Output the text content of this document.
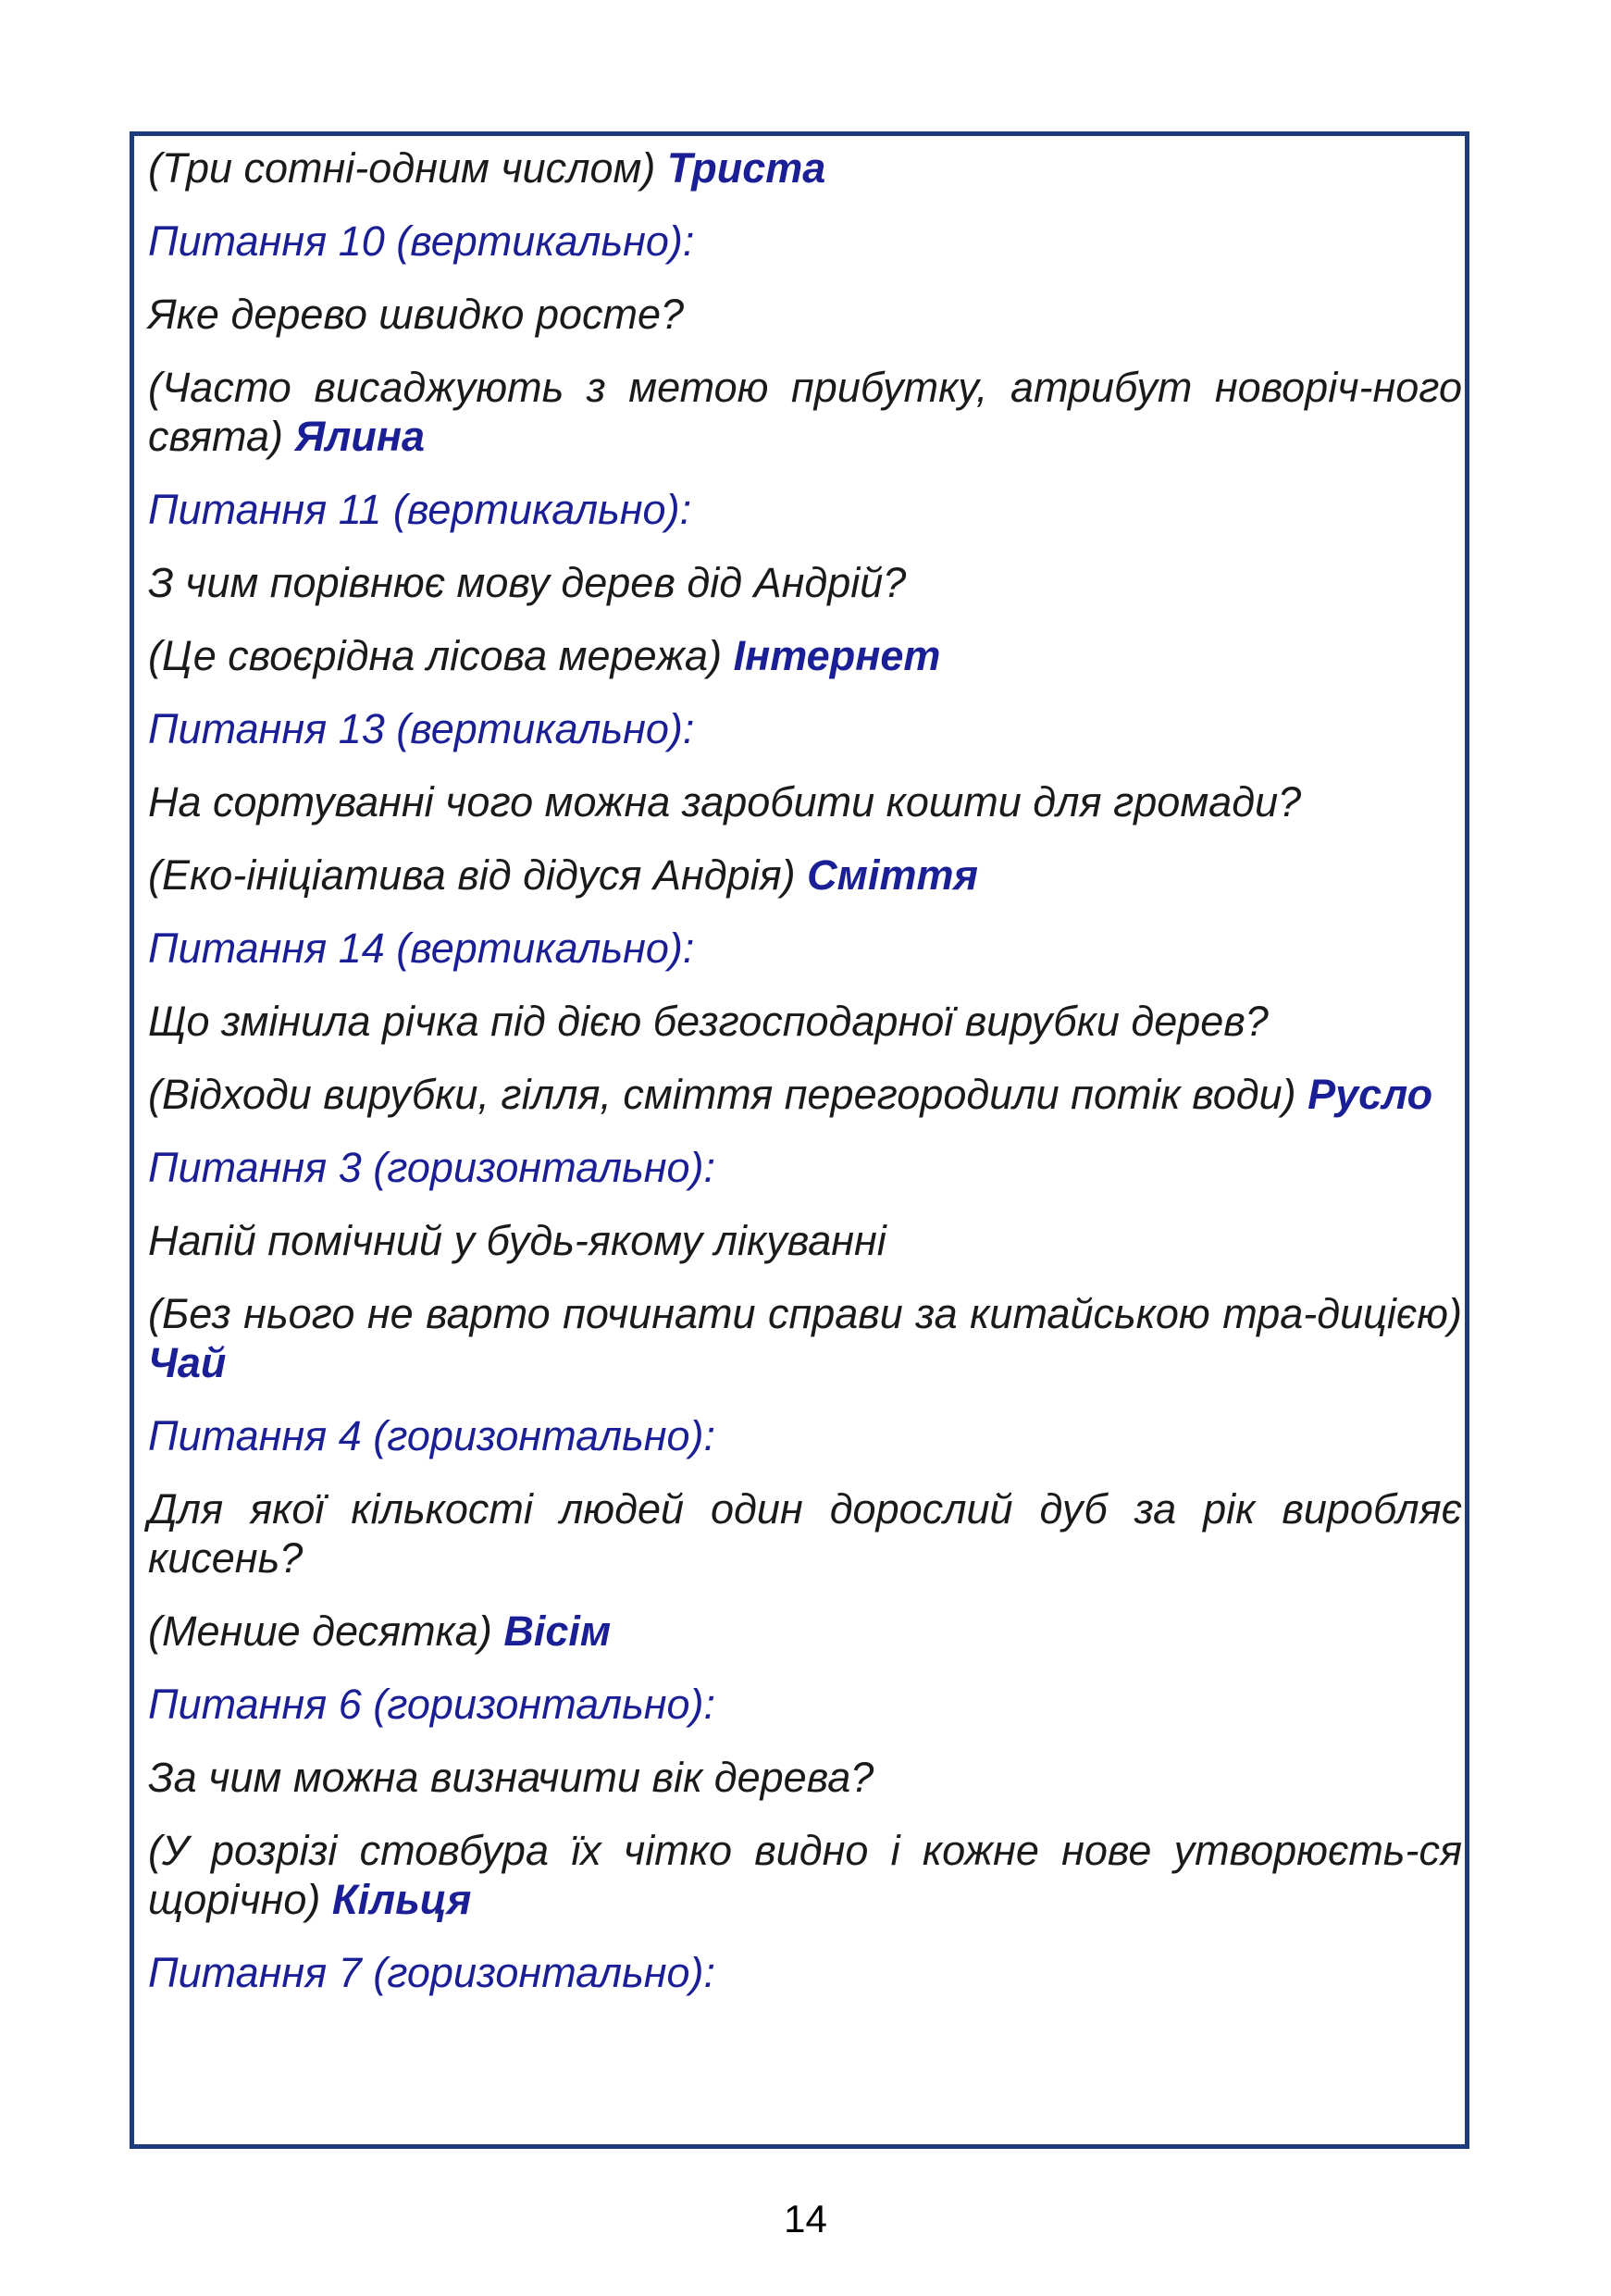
(Три сотні-одним числом) Триста

Питання 10 (вертикально):

Яке дерево швидко росте?

(Часто висаджують з метою прибутку, атрибут новоріч-ного свята) Ялина

Питання 11 (вертикально):

З чим порівнює мову дерев дід Андрій?

(Це своєрідна лісова мережа) Інтернет

Питання 13 (вертикально):

На сортуванні чого можна заробити кошти для громади?

(Еко-ініціатива від дідуся Андрія) Сміття

Питання 14 (вертикально):

Що змінила річка під дією безгосподарної вирубки дерев?

(Відходи вирубки, гілля, сміття перегородили потік води) Русло

Питання 3 (горизонтально):

Напій помічний у будь-якому лікуванні

(Без нього не варто починати справи за китайською тра-дицією) Чай

Питання 4 (горизонтально):

Для якої кількості людей один дорослий дуб за рік виробляє кисень?

(Менше десятка) Вісім

Питання 6 (горизонтально):

За чим можна визначити вік дерева?

(У розрізі стовбура їх чітко видно і кожне нове утворюєть-ся щорічно) Кільця

Питання 7 (горизонтально):

14
